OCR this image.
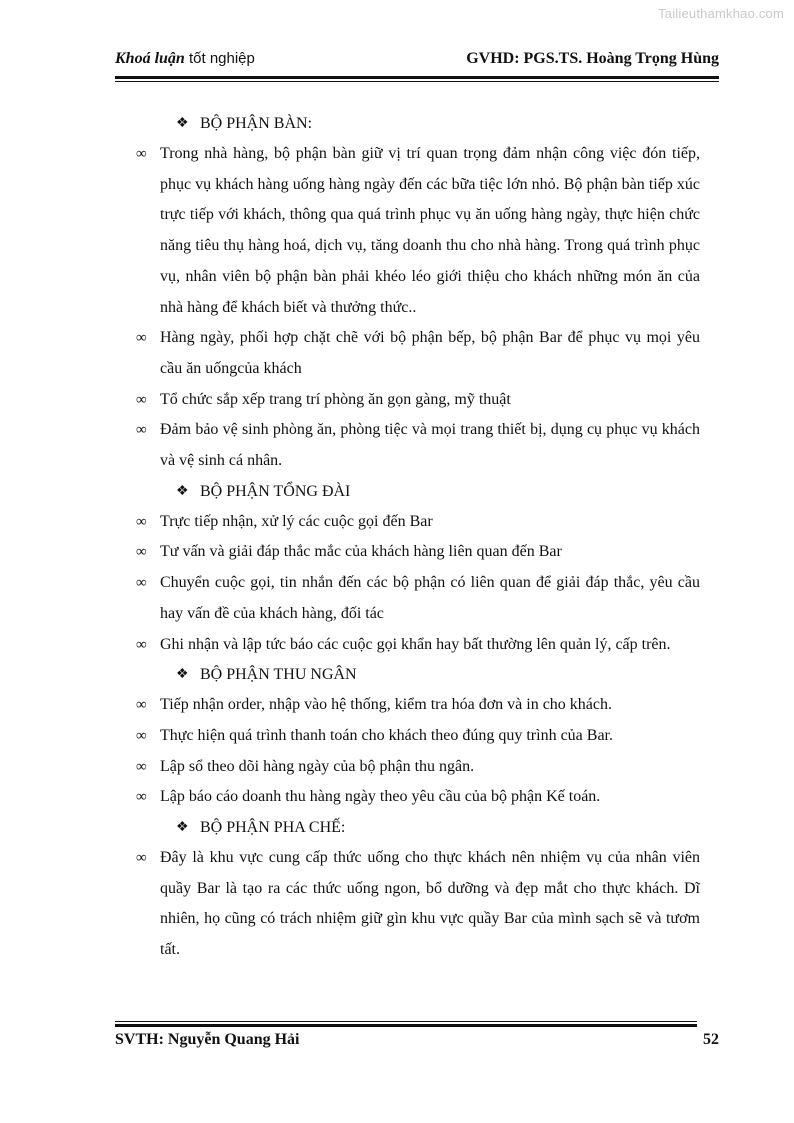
Tailieuthamkhao.com
Khoá luận tốt nghiệp	GVHD: PGS.TS. Hoàng Trọng Hùng
❖ BỘ PHẬN BÀN:
∞ Trong nhà hàng, bộ phận bàn giữ vị trí quan trọng đảm nhận công việc đón tiếp, phục vụ khách hàng uống hàng ngày đến các bữa tiệc lớn nhỏ. Bộ phận bàn tiếp xúc trực tiếp với khách, thông qua quá trình phục vụ ăn uống hàng ngày, thực hiện chức năng tiêu thụ hàng hoá, dịch vụ, tăng doanh thu cho nhà hàng. Trong quá trình phục vụ, nhân viên bộ phận bàn phải khéo léo giới thiệu cho khách những món ăn của nhà hàng để khách biết và thưởng thức..
∞ Hàng ngày, phối hợp chặt chẽ với bộ phận bếp, bộ phận Bar để phục vụ mọi yêu cầu ăn uốngcủa khách
∞ Tổ chức sắp xếp trang trí phòng ăn gọn gàng, mỹ thuật
∞ Đảm bảo vệ sinh phòng ăn, phòng tiệc và mọi trang thiết bị, dụng cụ phục vụ khách và vệ sinh cá nhân.
❖ BỘ PHẬN TỔNG ĐÀI
∞ Trực tiếp nhận, xử lý các cuộc gọi đến Bar
∞ Tư vấn và giải đáp thắc mắc của khách hàng liên quan đến Bar
∞ Chuyển cuộc gọi, tin nhắn đến các bộ phận có liên quan để giải đáp thắc, yêu cầu hay vấn đề của khách hàng, đối tác
∞ Ghi nhận và lập tức báo các cuộc gọi khẩn hay bất thường lên quản lý, cấp trên.
❖ BỘ PHẬN THU NGÂN
∞ Tiếp nhận order, nhập vào hệ thống, kiểm tra hóa đơn và in cho khách.
∞ Thực hiện quá trình thanh toán cho khách theo đúng quy trình của Bar.
∞ Lập sổ theo dõi hàng ngày của bộ phận thu ngân.
∞ Lập báo cáo doanh thu hàng ngày theo yêu cầu của bộ phận Kế toán.
❖ BỘ PHẬN PHA CHẾ:
∞ Đây là khu vực cung cấp thức uống cho thực khách nên nhiệm vụ của nhân viên quầy Bar là tạo ra các thức uống ngon, bổ dưỡng và đẹp mắt cho thực khách. Dĩ nhiên, họ cũng có trách nhiệm giữ gìn khu vực quầy Bar của mình sạch sẽ và tươm tất.
SVTH: Nguyễn Quang Hải	52
